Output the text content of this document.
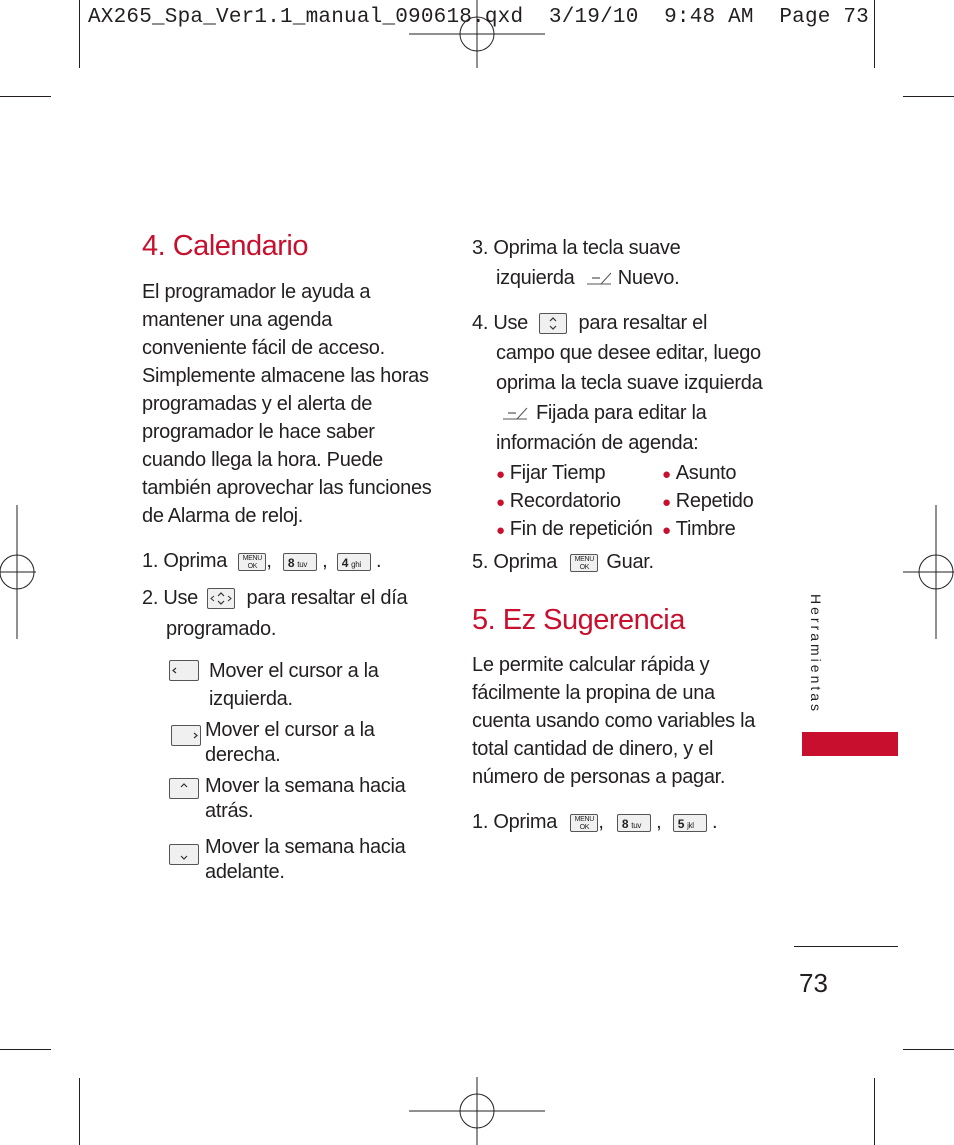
AX265_Spa_Ver1.1_manual_090618.qxd 3/19/10 9:48 AM Page 73
4. Calendario
El programador le ayuda a
mantener una agenda
conveniente fácil de acceso.
Simplemente almacene las horas
programadas y el alerta de
programador le hace saber
cuando llega la hora. Puede
también aprovechar las funciones
de Alarma de reloj.
1. Oprima MENU
OK , 8 tuv , 4 ghi .
2. Use para resaltar el día
programado.
Mover el cursor a la
izquierda.
Mover el cursor a la
derecha.
Mover la semana hacia
atrás.
Mover la semana hacia
adelante.
3. Oprima la tecla suave
izquierda Nuevo.
4. Use	para resaltar el
campo que desee editar, luego
oprima la tecla suave izquierda
Fijada para editar la
información de agenda:
● Fijar Tiemp
● Recordatorio
● Fin de repetición
● Asunto
● Repetido
● Timbre
5. Oprima	MENU
OK Guar.
5. Ez Sugerencia
Le permite calcular rápida y
fácilmente la propina de una
cuenta usando como variables la
total cantidad de dinero, y el
número de personas a pagar.
1. Oprima	MENU
OK , 8 tuv , 5 jkl .
Herramientas
73
